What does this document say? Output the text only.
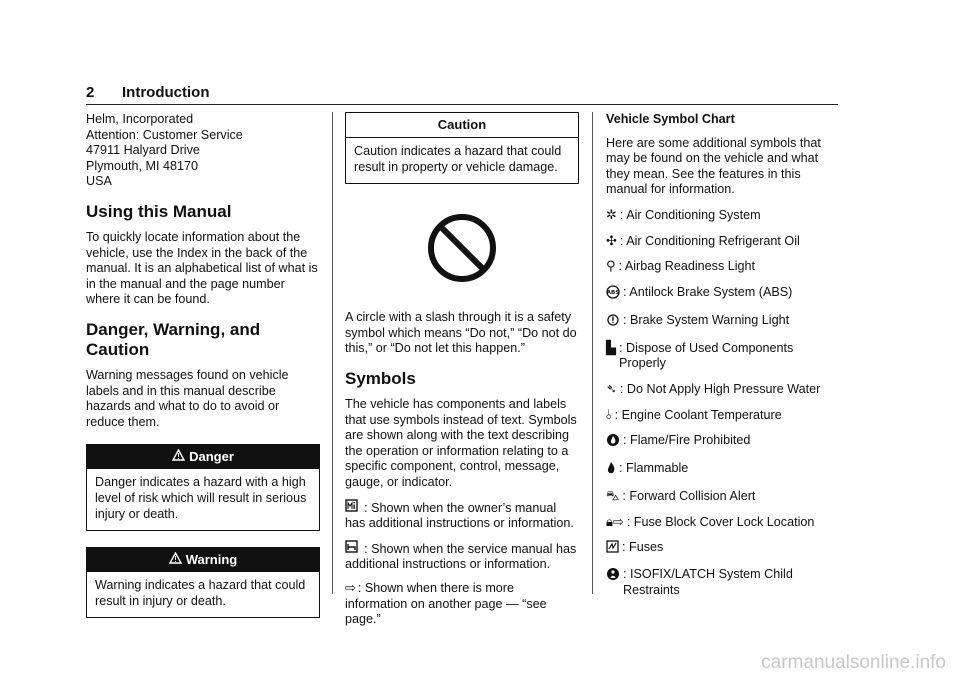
2 Introduction
Helm, Incorporated
Attention: Customer Service
47911 Halyard Drive
Plymouth, MI 48170
USA
Using this Manual

To quickly locate information about the vehicle, use the Index in the back of the manual. It is an alphabetical list of what is in the manual and the page number where it can be found.

Danger, Warning, and Caution

Warning messages found on vehicle labels and in this manual describe hazards and what to do to avoid or reduce them.

Danger
Danger indicates a hazard with a high level of risk which will result in serious injury or death.
Warning
Warning indicates a hazard that could result in injury or death.
Caution
Caution indicates a hazard that could result in property or vehicle damage.

A circle with a slash through it is a safety symbol which means “Do not,” “Do not do this,” or “Do not let this happen.”

Symbols

The vehicle has components and labels that use symbols instead of text. Symbols are shown along with the text describing the operation or information relating to a specific component, control, message, gauge, or indicator.

: Shown when the owner’s manual has additional instructions or information.

: Shown when the service manual has additional instructions or information.

⇨ : Shown when there is more information on another page — “see page.”

Vehicle Symbol Chart

Here are some additional symbols that may be found on the vehicle and what they mean. See the features in this manual for information.

✲ : Air Conditioning System
✣ : Air Conditioning Refrigerant Oil
⚲ : Airbag Readiness Light
ABS : Antilock Brake System (ABS)
: Brake System Warning Light
▙ : Dispose of Used Components Properly
➴ : Do Not Apply High Pressure Water
⫰ : Engine Coolant Temperature
: Flame/Fire Prohibited
: Flammable
⛍ : Forward Collision Alert
🔒︎⇨ : Fuse Block Cover Lock Location
: Fuses
: ISOFIX/LATCH System Child Restraints
carmanualsonline.info
